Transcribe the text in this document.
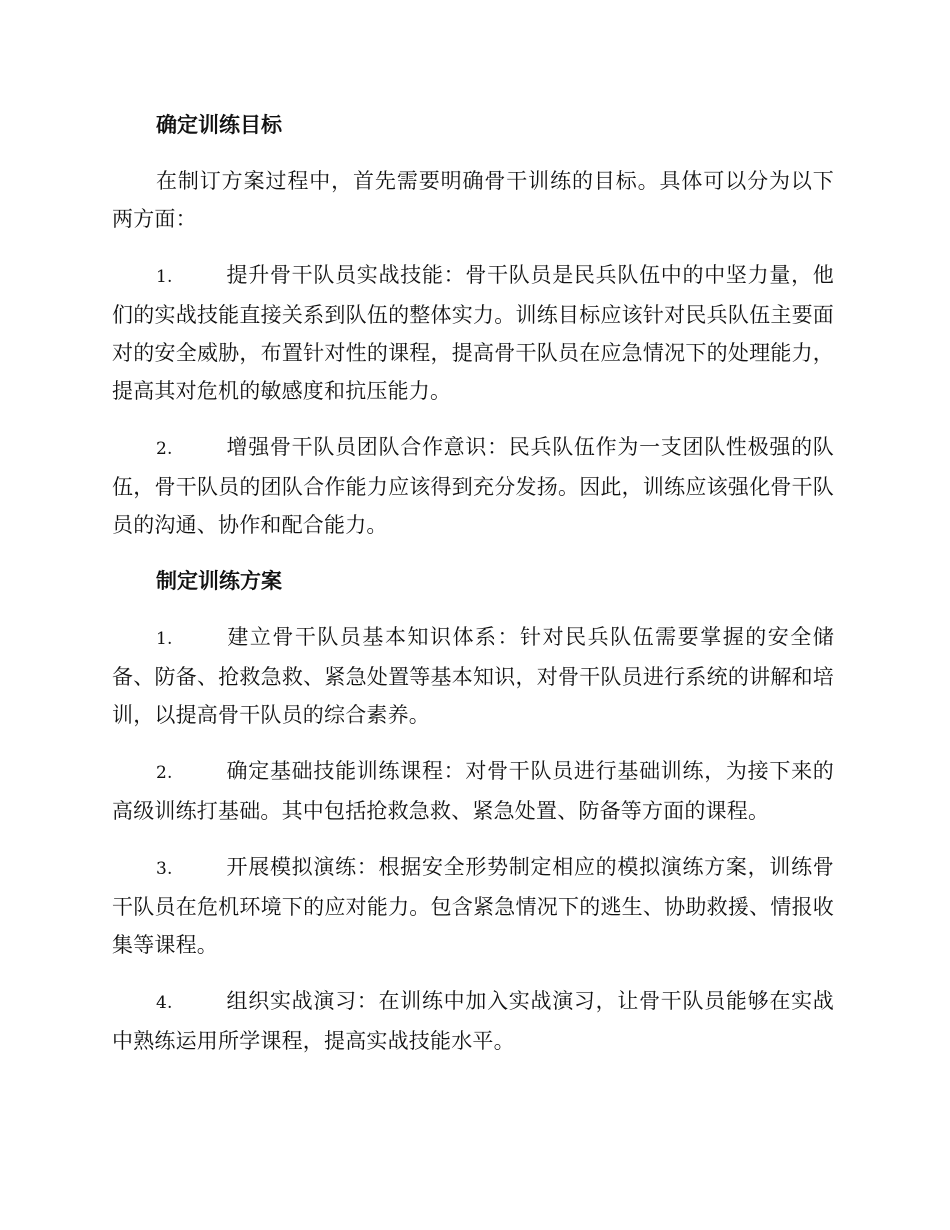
确定训练目标

在制订方案过程中，首先需要明确骨干训练的目标。具体可以分为以下两方面：

1.	提升骨干队员实战技能：骨干队员是民兵队伍中的中坚力量，他们的实战技能直接关系到队伍的整体实力。训练目标应该针对民兵队伍主要面对的安全威胁，布置针对性的课程，提高骨干队员在应急情况下的处理能力，提高其对危机的敏感度和抗压能力。

2.	增强骨干队员团队合作意识：民兵队伍作为一支团队性极强的队伍，骨干队员的团队合作能力应该得到充分发扬。因此，训练应该强化骨干队员的沟通、协作和配合能力。

制定训练方案

1.	建立骨干队员基本知识体系：针对民兵队伍需要掌握的安全储备、防备、抢救急救、紧急处置等基本知识，对骨干队员进行系统的讲解和培训，以提高骨干队员的综合素养。

2.	确定基础技能训练课程：对骨干队员进行基础训练，为接下来的高级训练打基础。其中包括抢救急救、紧急处置、防备等方面的课程。

3.	开展模拟演练：根据安全形势制定相应的模拟演练方案，训练骨干队员在危机环境下的应对能力。包含紧急情况下的逃生、协助救援、情报收集等课程。

4.	组织实战演习：在训练中加入实战演习，让骨干队员能够在实战中熟练运用所学课程，提高实战技能水平。
